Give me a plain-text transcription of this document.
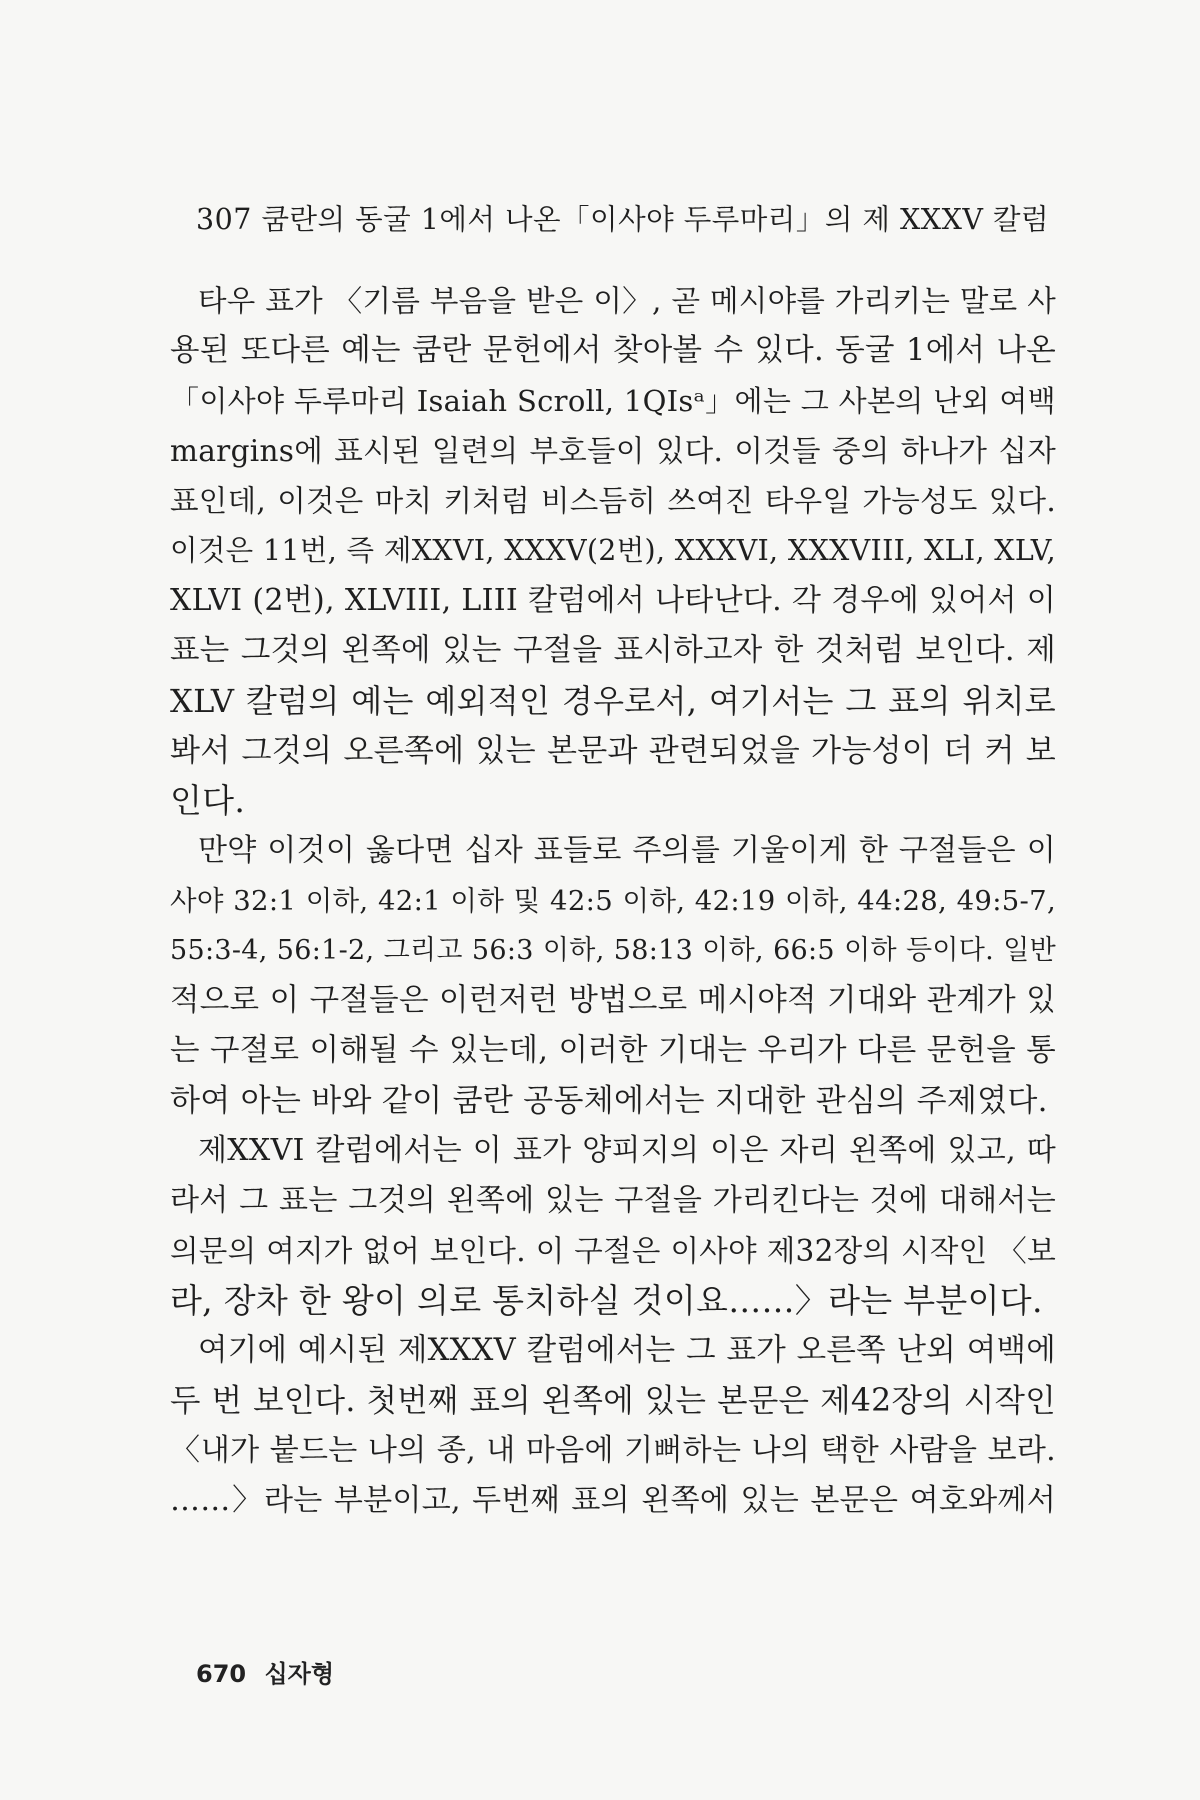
307 쿰란의 동굴 1에서 나온「이사야 두루마리」의 제 XXXV 칼럼
타우 표가 〈기름 부음을 받은 이〉, 곧 메시야를 가리키는 말로 사
용된 또다른 예는 쿰란 문헌에서 찾아볼 수 있다. 동굴 1에서 나온
「이사야 두루마리 Isaiah Scroll, 1QIsᵃ」에는 그 사본의 난외 여백
margins에 표시된 일련의 부호들이 있다. 이것들 중의 하나가 십자
표인데, 이것은 마치 키처럼 비스듬히 쓰여진 타우일 가능성도 있다.
이것은 11번, 즉 제XXVI, XXXV(2번), XXXVI, XXXVIII, XLI, XLV,
XLVI (2번), XLVIII, LIII 칼럼에서 나타난다. 각 경우에 있어서 이
표는 그것의 왼쪽에 있는 구절을 표시하고자 한 것처럼 보인다. 제
XLV 칼럼의 예는 예외적인 경우로서, 여기서는 그 표의 위치로
봐서 그것의 오른쪽에 있는 본문과 관련되었을 가능성이 더 커 보
인다.
만약 이것이 옳다면 십자 표들로 주의를 기울이게 한 구절들은 이
사야 32:1 이하, 42:1 이하 및 42:5 이하, 42:19 이하, 44:28, 49:5-7,
55:3-4, 56:1-2, 그리고 56:3 이하, 58:13 이하, 66:5 이하 등이다. 일반
적으로 이 구절들은 이런저런 방법으로 메시야적 기대와 관계가 있
는 구절로 이해될 수 있는데, 이러한 기대는 우리가 다른 문헌을 통
하여 아는 바와 같이 쿰란 공동체에서는 지대한 관심의 주제였다.
제XXVI 칼럼에서는 이 표가 양피지의 이은 자리 왼쪽에 있고, 따
라서 그 표는 그것의 왼쪽에 있는 구절을 가리킨다는 것에 대해서는
의문의 여지가 없어 보인다. 이 구절은 이사야 제32장의 시작인 〈보
라, 장차 한 왕이 의로 통치하실 것이요……〉라는 부분이다.
여기에 예시된 제XXXV 칼럼에서는 그 표가 오른쪽 난외 여백에
두 번 보인다. 첫번째 표의 왼쪽에 있는 본문은 제42장의 시작인
〈내가 붙드는 나의 종, 내 마음에 기뻐하는 나의 택한 사람을 보라.
……〉라는 부분이고, 두번째 표의 왼쪽에 있는 본문은 여호와께서
670 십자형
